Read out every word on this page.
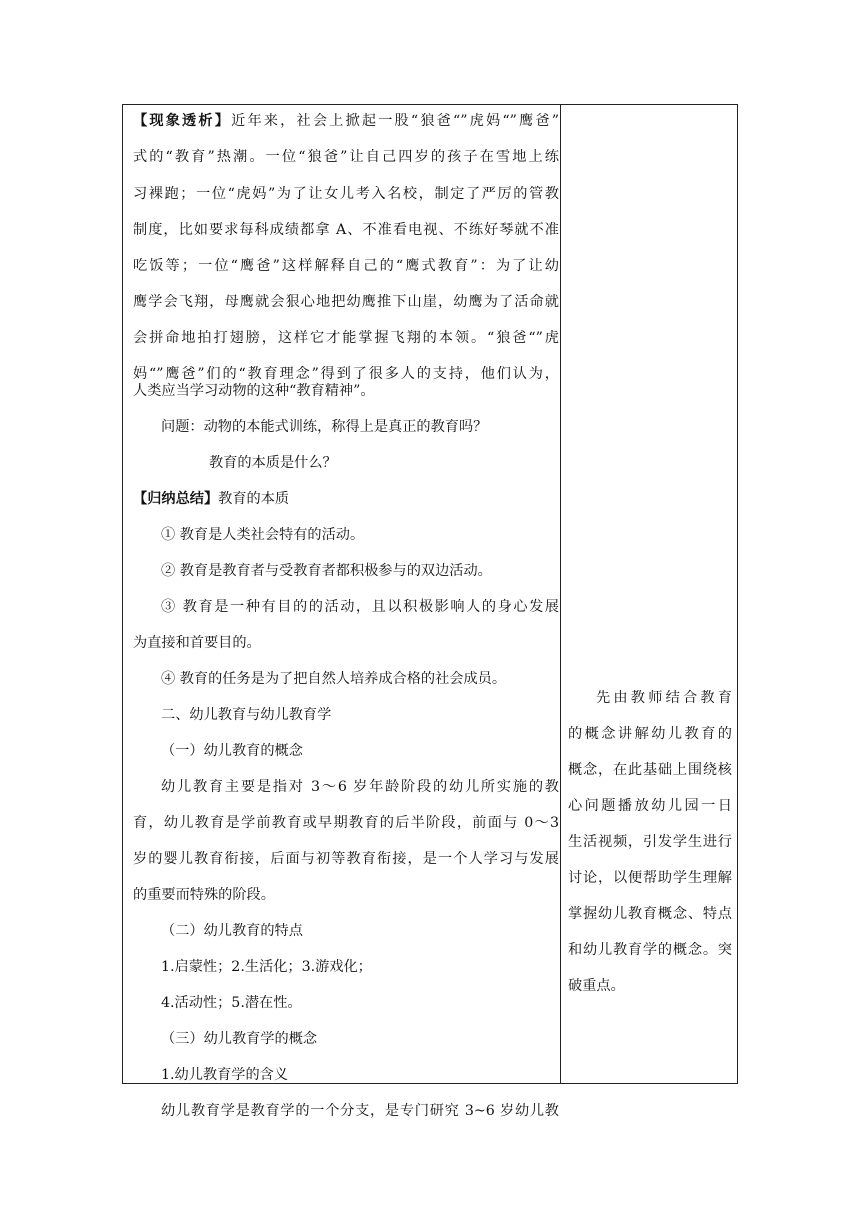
【现象透析】近年来，社会上掀起一股“狼爸“”虎妈“”鹰爸”
式的“教育”热潮。一位“狼爸”让自己四岁的孩子在雪地上练
习裸跑；一位“虎妈”为了让女儿考入名校，制定了严厉的管教
制度，比如要求每科成绩都拿 A、不准看电视、不练好琴就不准
吃饭等；一位“鹰爸”这样解释自己的“鹰式教育”：为了让幼
鹰学会飞翔，母鹰就会狠心地把幼鹰推下山崖，幼鹰为了活命就
会拼命地拍打翅膀，这样它才能掌握飞翔的本领。“狼爸“”虎
妈“”鹰爸”们的“教育理念”得到了很多人的支持，他们认为，
人类应当学习动物的这种“教育精神”。
问题：动物的本能式训练，称得上是真正的教育吗？
教育的本质是什么？
【归纳总结】教育的本质
① 教育是人类社会特有的活动。
② 教育是教育者与受教育者都积极参与的双边活动。
③ 教育是一种有目的的活动，且以积极影响人的身心发展
为直接和首要目的。
④ 教育的任务是为了把自然人培养成合格的社会成员。
二、幼儿教育与幼儿教育学
（一）幼儿教育的概念
幼儿教育主要是指对 3～6 岁年龄阶段的幼儿所实施的教
育，幼儿教育是学前教育或早期教育的后半阶段，前面与 0～3
岁的婴儿教育衔接，后面与初等教育衔接，是一个人学习与发展
的重要而特殊的阶段。
（二）幼儿教育的特点
1.启蒙性；2.生活化；3.游戏化；
4.活动性；5.潜在性。
（三）幼儿教育学的概念
1.幼儿教育学的含义
幼儿教育学是教育学的一个分支，是专门研究 3~6 岁幼儿教
先由教师结合教育
的概念讲解幼儿教育的
概念，在此基础上围绕核
心问题播放幼儿园一日
生活视频，引发学生进行
讨论，以便帮助学生理解
掌握幼儿教育概念、特点
和幼儿教育学的概念。突
破重点。
